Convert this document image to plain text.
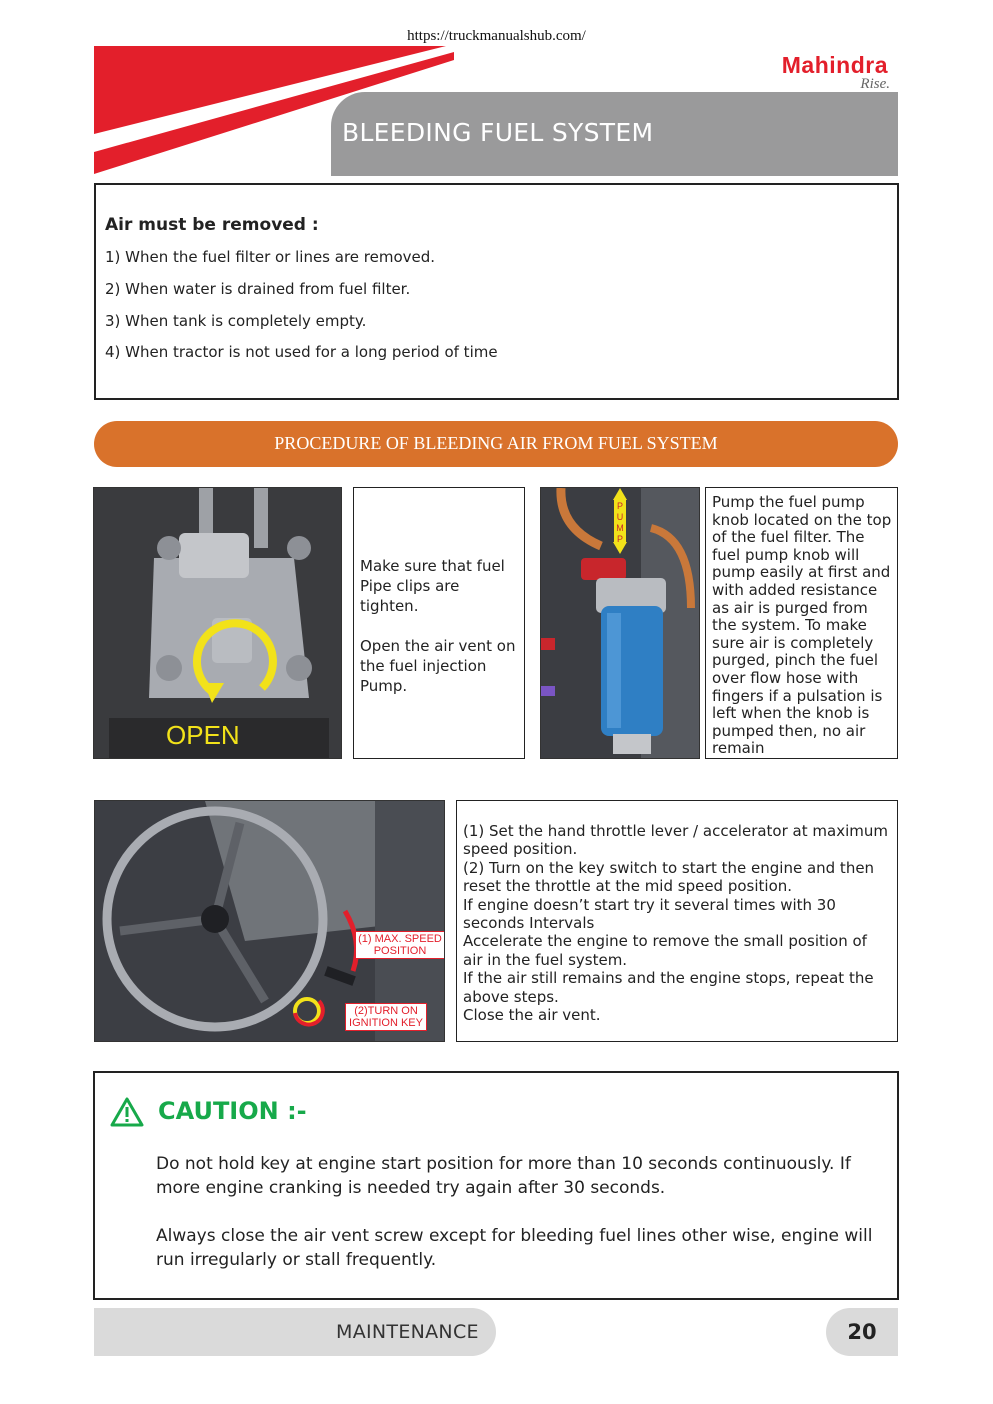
https://truckmanualshub.com/
Mahindra
Rise.
BLEEDING FUEL SYSTEM
Air must be removed :
1) When the fuel filter or lines are removed.
2) When water is drained from fuel filter.
3) When tank is completely empty.
4) When tractor is not used for a long period of time
PROCEDURE OF BLEEDING AIR FROM FUEL SYSTEM
OPEN
Make sure that fuel Pipe clips are tighten.
Open the air vent on the fuel injection Pump.
PUMP
Pump the fuel pump knob located on the top of the fuel filter. The fuel pump knob will pump easily at first and with added resistance as air is purged from the system. To make sure air is completely purged, pinch the fuel over flow hose with fingers if a pulsation is left when the knob is pumped then, no air remain
(1) MAX. SPEED POSITION
(2)TURN ON IGNITION KEY
(1) Set the hand throttle lever / accelerator at maximum speed position.
(2) Turn on the key switch to start the engine and then reset the throttle at the mid speed position.
If engine doesn’t start try it several times with 30 seconds Intervals
Accelerate the engine to remove the small position of air in the fuel system.
If the air still remains and the engine stops, repeat the above steps.
Close the air vent.
CAUTION :-
Do not hold key at engine start position for more than 10 seconds continuously. If more engine cranking is needed try again after 30 seconds.
Always close the air vent screw except for bleeding fuel lines other wise, engine will run irregularly or stall frequently.
MAINTENANCE	20
